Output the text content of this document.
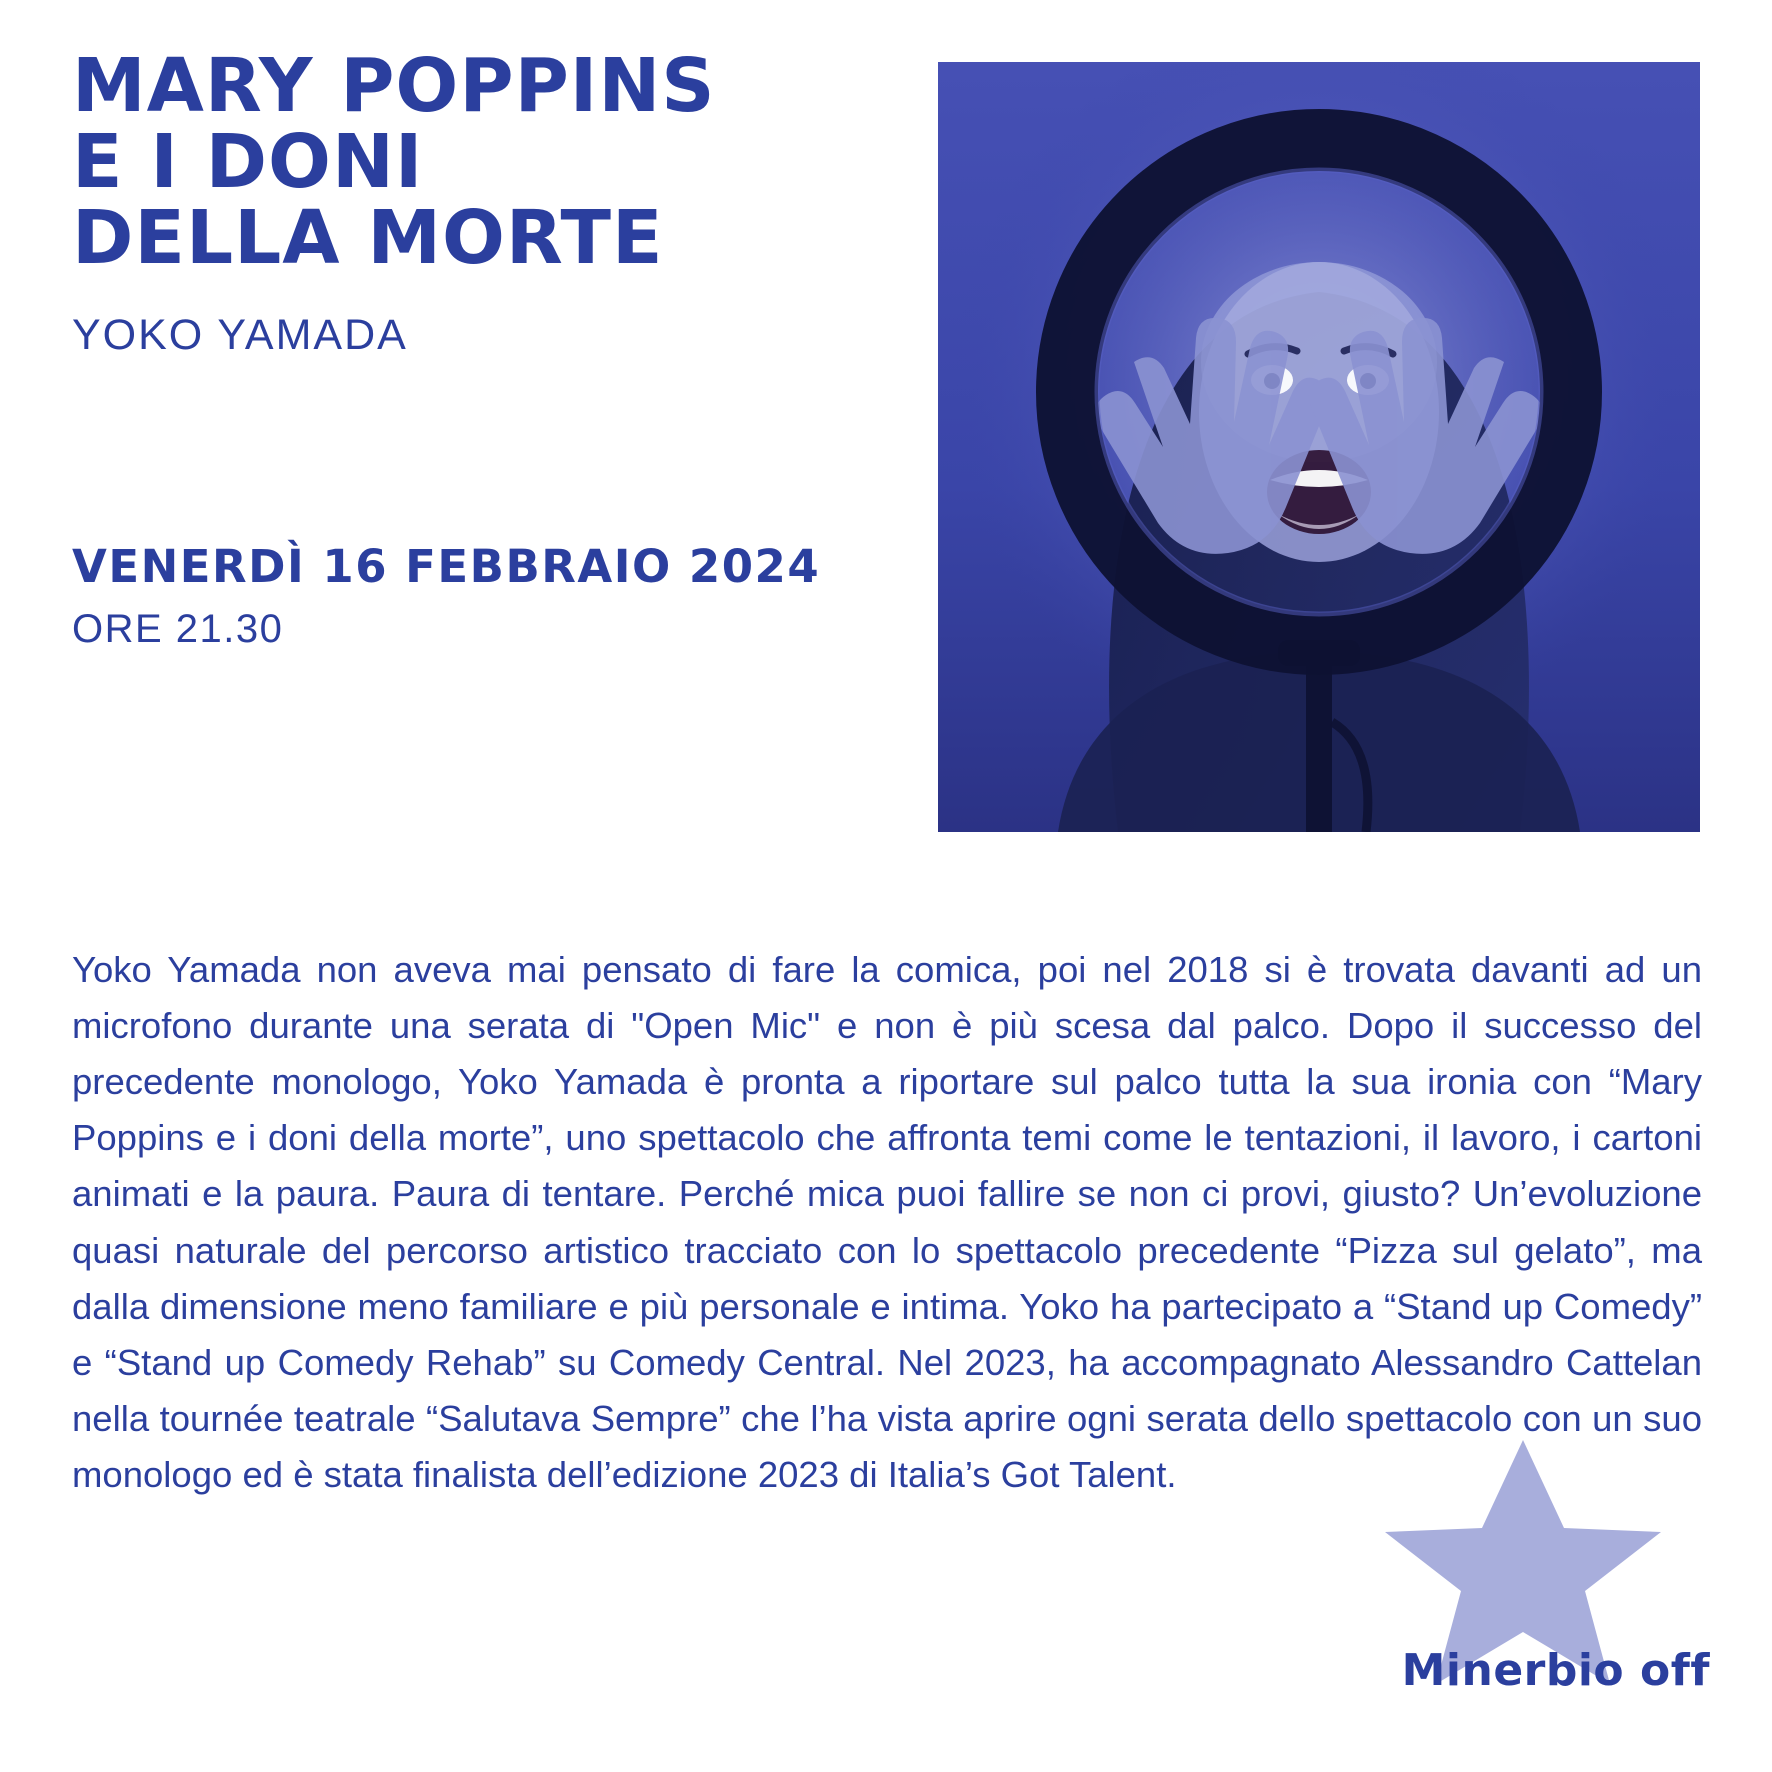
MARY POPPINS
E I DONI
DELLA MORTE
YOKO YAMADA
VENERDÌ 16 FEBBRAIO 2024
ORE 21.30

Yoko Yamada non aveva mai pensato di fare la comica, poi nel 2018 si è trovata davanti ad un microfono durante una serata di "Open Mic" e non è più scesa dal palco. Dopo il successo del precedente monologo, Yoko Yamada è pronta a riportare sul palco tutta la sua ironia con “Mary Poppins e i doni della morte”, uno spettacolo che affronta temi come le tentazioni, il lavoro, i cartoni animati e la paura. Paura di tentare. Perché mica puoi fallire se non ci provi, giusto? Un’evoluzione quasi naturale del percorso artistico tracciato con lo spettacolo precedente “Pizza sul gelato”, ma dalla dimensione meno familiare e più personale e intima. Yoko ha partecipato a “Stand up Comedy” e “Stand up Comedy Rehab” su Comedy Central. Nel 2023, ha accompagnato Alessandro Cattelan nella tournée teatrale “Salutava Sempre” che l’ha vista aprire ogni serata dello spettacolo con un suo monologo ed è stata finalista dell’edizione 2023 di Italia’s Got Talent.

Minerbio off
